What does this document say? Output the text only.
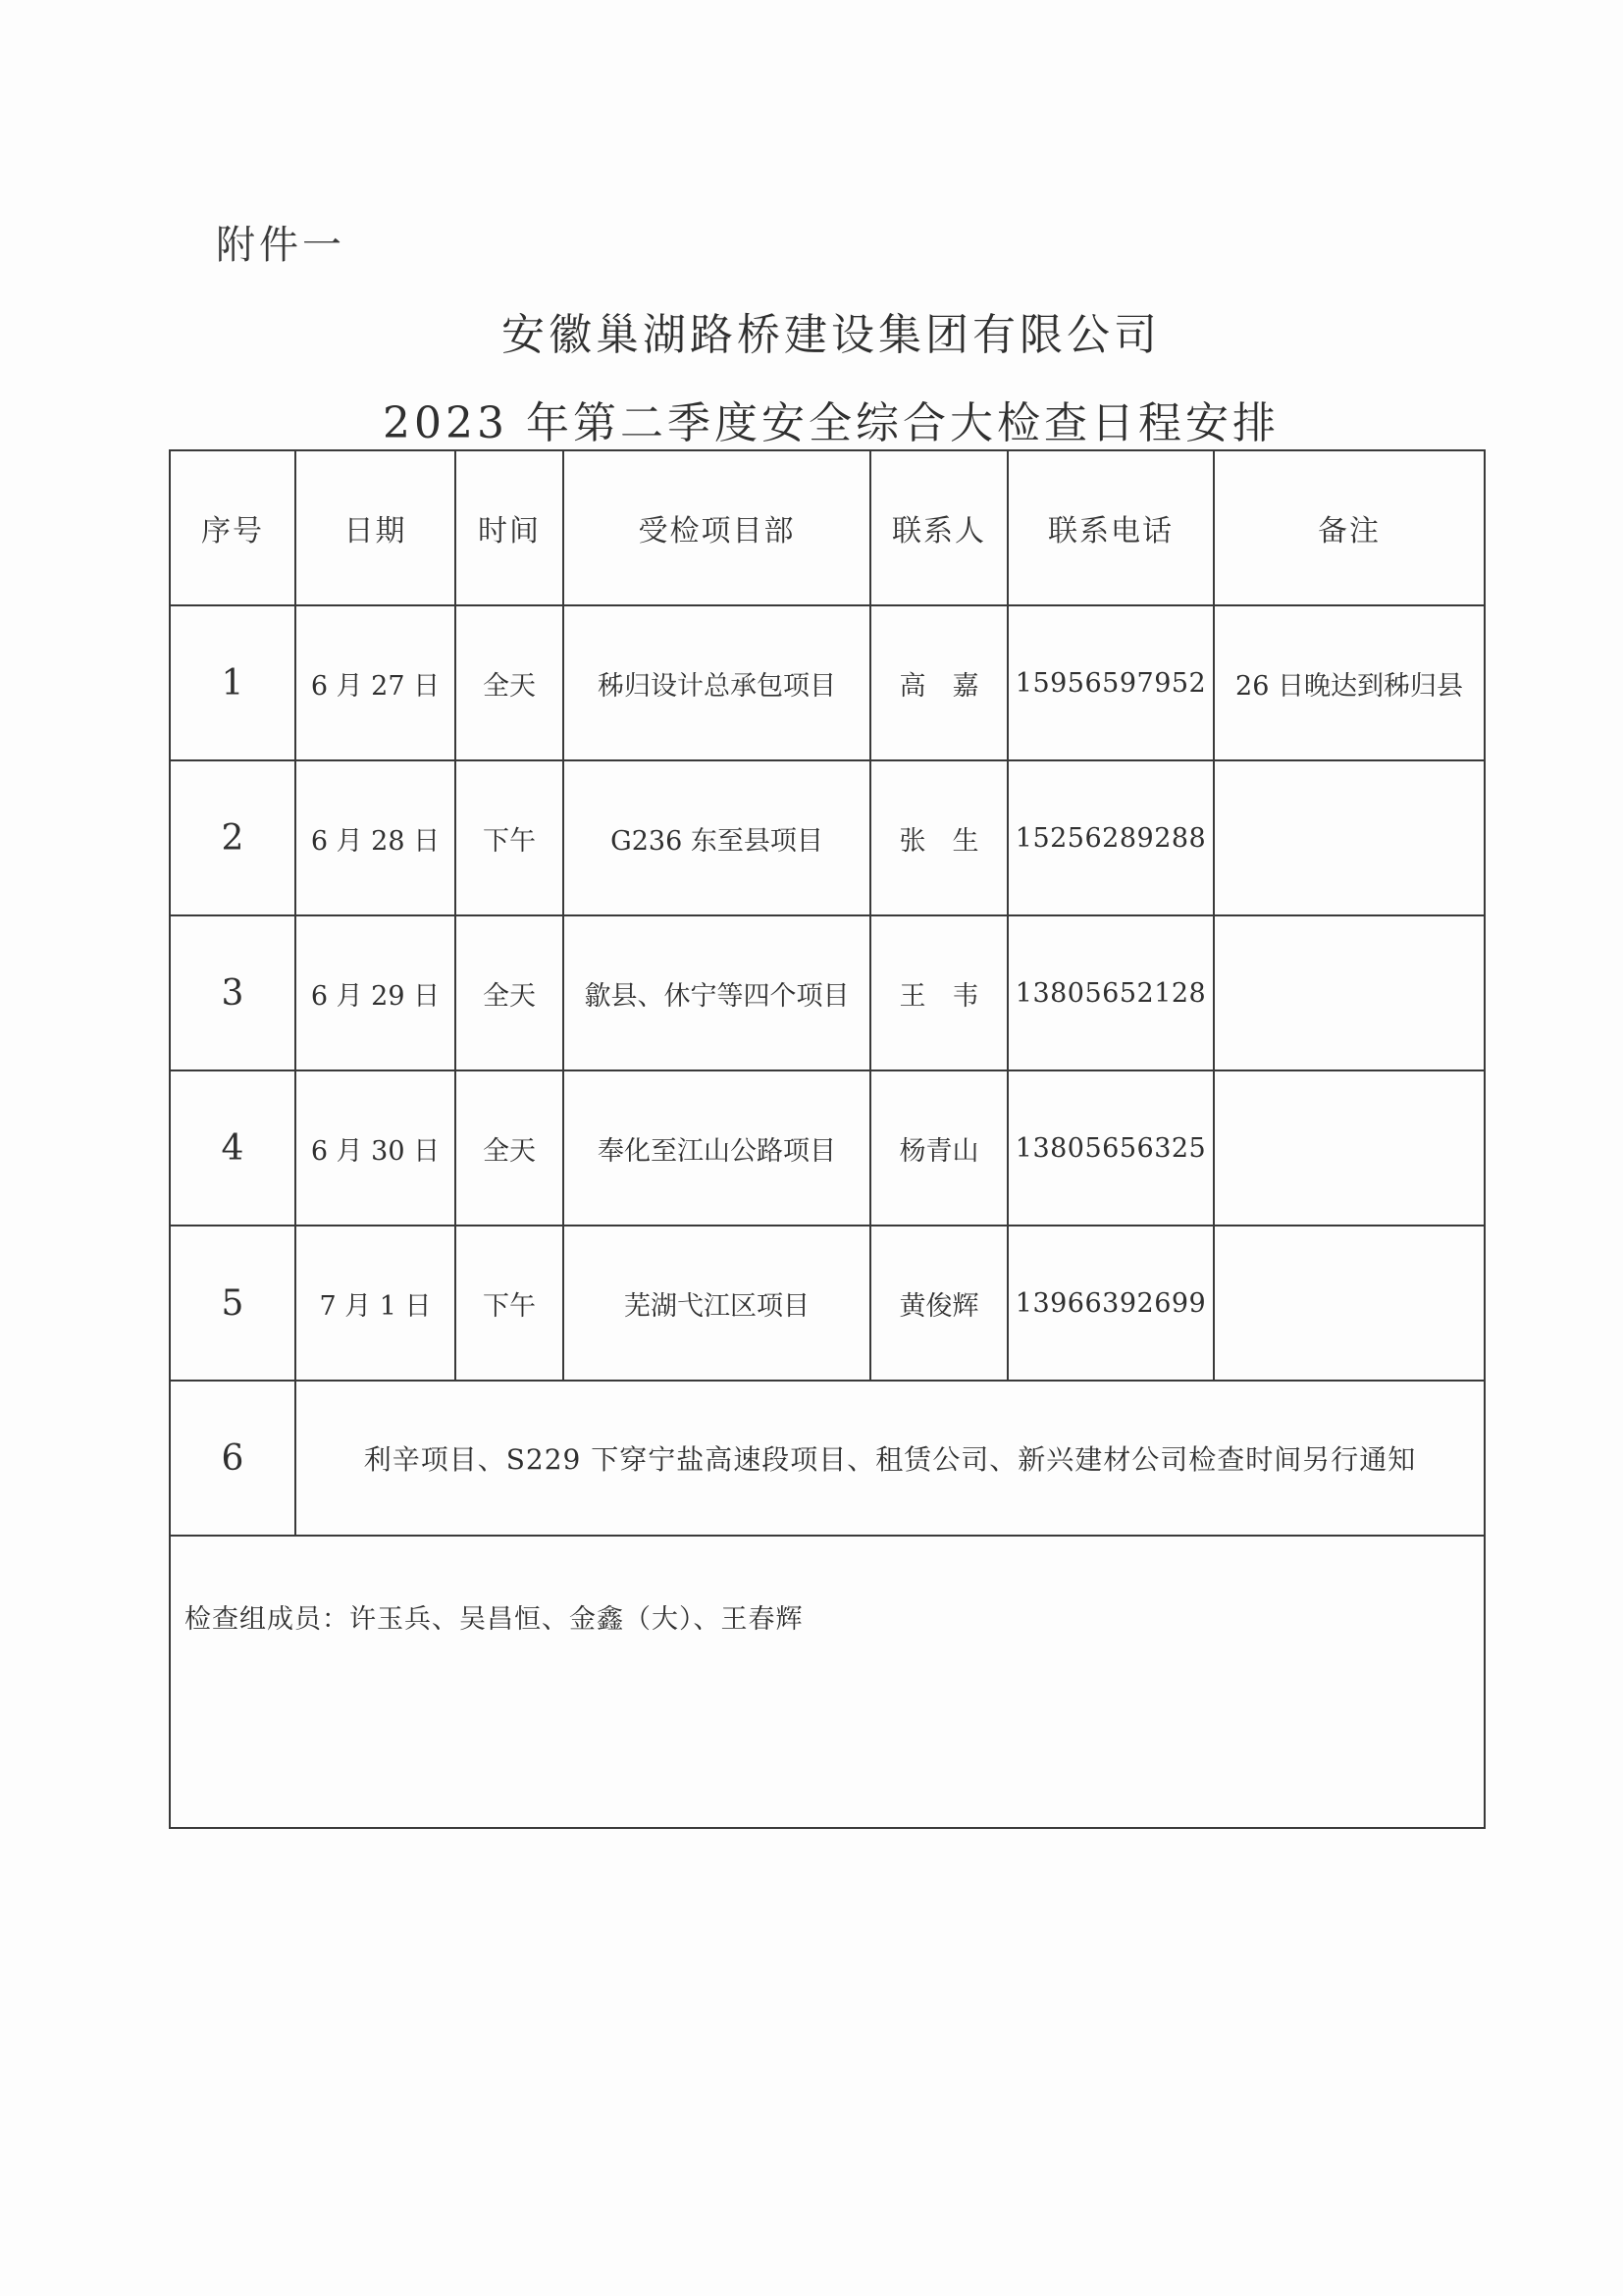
附件一
安徽巢湖路桥建设集团有限公司
2023 年第二季度安全综合大检查日程安排
序号	日期	时间	受检项目部	联系人	联系电话	备注
1	6 月 27 日	全天	秭归设计总承包项目	高　嘉	15956597952	26 日晚达到秭归县
2	6 月 28 日	下午	G236 东至县项目	张　生	15256289288	
3	6 月 29 日	全天	歙县、休宁等四个项目	王　韦	13805652128	
4	6 月 30 日	全天	奉化至江山公路项目	杨青山	13805656325	
5	7 月 1 日	下午	芜湖弋江区项目	黄俊辉	13966392699	
6	利辛项目、S229 下穿宁盐高速段项目、租赁公司、新兴建材公司检查时间另行通知					
检查组成员：许玉兵、吴昌恒、金鑫（大）、王春辉						
